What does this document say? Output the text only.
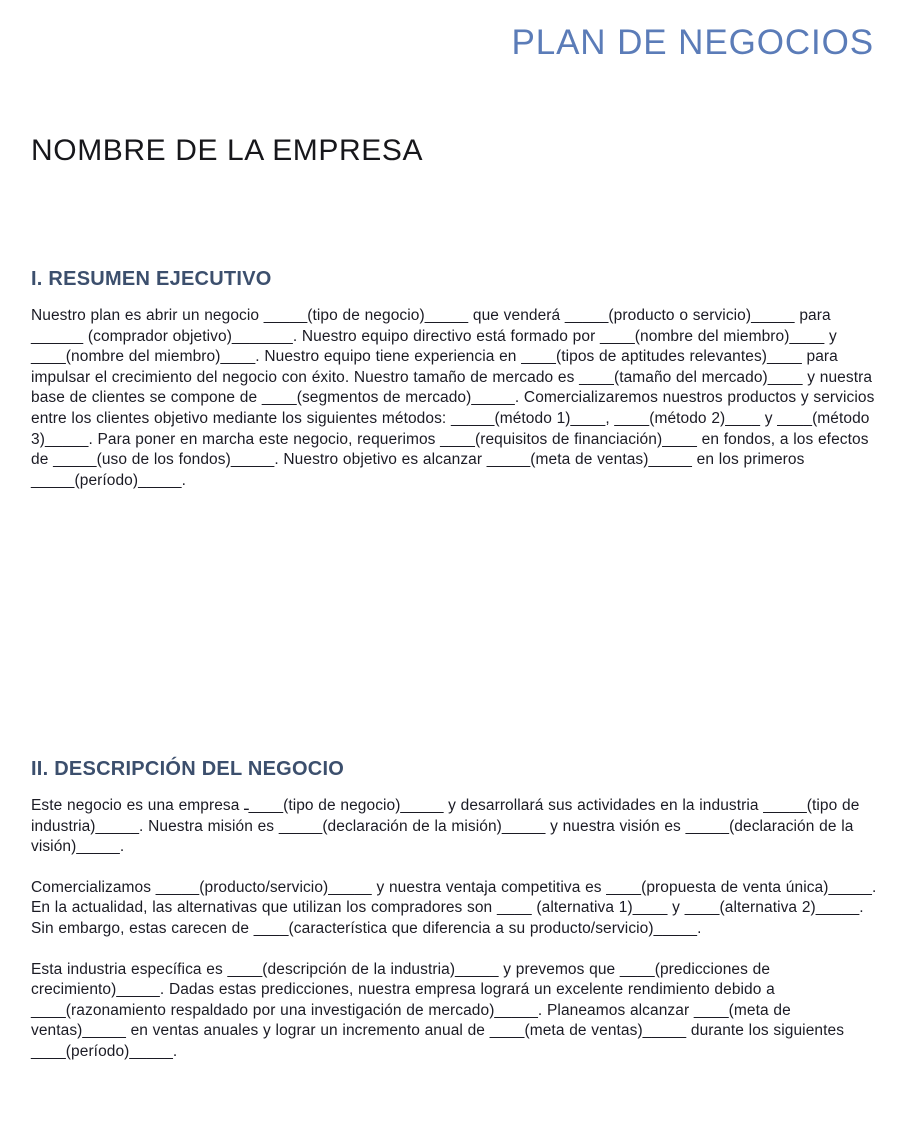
PLAN DE NEGOCIOS
NOMBRE DE LA EMPRESA
I. RESUMEN EJECUTIVO

Nuestro plan es abrir un negocio _____(tipo de negocio)_____ que venderá _____(producto o servicio)_____ para ______ (comprador objetivo)_______. Nuestro equipo directivo está formado por ____(nombre del miembro)____ y ____(nombre del miembro)____. Nuestro equipo tiene experiencia en ____(tipos de aptitudes relevantes)____ para impulsar el crecimiento del negocio con éxito. Nuestro tamaño de mercado es ____(tamaño del mercado)____ y nuestra base de clientes se compone de ____(segmentos de mercado)_____. Comercializaremos nuestros productos y servicios entre los clientes objetivo mediante los siguientes métodos: _____(método 1)____, ____(método 2)____ y ____(método 3)_____. Para poner en marcha este negocio, requerimos ____(requisitos de financiación)____ en fondos, a los efectos de _____(uso de los fondos)_____. Nuestro objetivo es alcanzar _____(meta de ventas)_____ en los primeros _____(período)_____.

II. DESCRIPCIÓN DEL NEGOCIO

Este negocio es una empresa ـ____(tipo de negocio)_____ y desarrollará sus actividades en la industria _____(tipo de industria)_____. Nuestra misión es _____(declaración de la misión)_____ y nuestra visión es _____(declaración de la visión)_____.

Comercializamos _____(producto/servicio)_____ y nuestra ventaja competitiva es ____(propuesta de venta única)_____. En la actualidad, las alternativas que utilizan los compradores son ____ (alternativa 1)____ y ____(alternativa 2)_____. Sin embargo, estas carecen de ____(característica que diferencia a su producto/servicio)_____.

Esta industria específica es ____(descripción de la industria)_____ y prevemos que ____(predicciones de crecimiento)_____. Dadas estas predicciones, nuestra empresa logrará un excelente rendimiento debido a ____(razonamiento respaldado por una investigación de mercado)_____. Planeamos alcanzar ____(meta de ventas)_____ en ventas anuales y lograr un incremento anual de ____(meta de ventas)_____ durante los siguientes ____(período)_____.
